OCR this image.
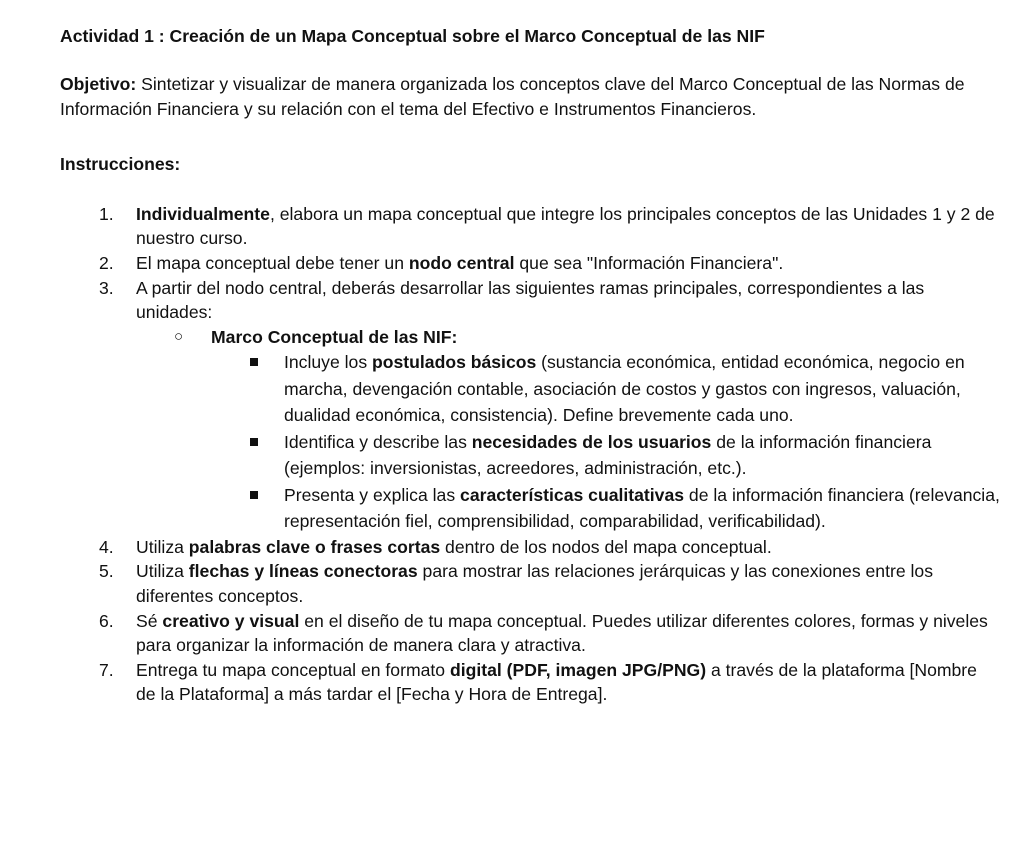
Actividad 1 : Creación de un Mapa Conceptual sobre el Marco Conceptual de las NIF

Objetivo: Sintetizar y visualizar de manera organizada los conceptos clave del Marco Conceptual de las Normas de Información Financiera y su relación con el tema del Efectivo e Instrumentos Financieros.

Instrucciones:

1. Individualmente, elabora un mapa conceptual que integre los principales conceptos de las Unidades 1 y 2 de nuestro curso.
2. El mapa conceptual debe tener un nodo central que sea "Información Financiera".
3. A partir del nodo central, deberás desarrollar las siguientes ramas principales, correspondientes a las unidades:
○ Marco Conceptual de las NIF:
Incluye los postulados básicos (sustancia económica, entidad económica, negocio en marcha, devengación contable, asociación de costos y gastos con ingresos, valuación, dualidad económica, consistencia). Define brevemente cada uno.
Identifica y describe las necesidades de los usuarios de la información financiera (ejemplos: inversionistas, acreedores, administración, etc.).
Presenta y explica las características cualitativas de la información financiera (relevancia, representación fiel, comprensibilidad, comparabilidad, verificabilidad).
4. Utiliza palabras clave o frases cortas dentro de los nodos del mapa conceptual.
5. Utiliza flechas y líneas conectoras para mostrar las relaciones jerárquicas y las conexiones entre los diferentes conceptos.
6. Sé creativo y visual en el diseño de tu mapa conceptual. Puedes utilizar diferentes colores, formas y niveles para organizar la información de manera clara y atractiva.
7. Entrega tu mapa conceptual en formato digital (PDF, imagen JPG/PNG) a través de la plataforma [Nombre de la Plataforma] a más tardar el [Fecha y Hora de Entrega].
